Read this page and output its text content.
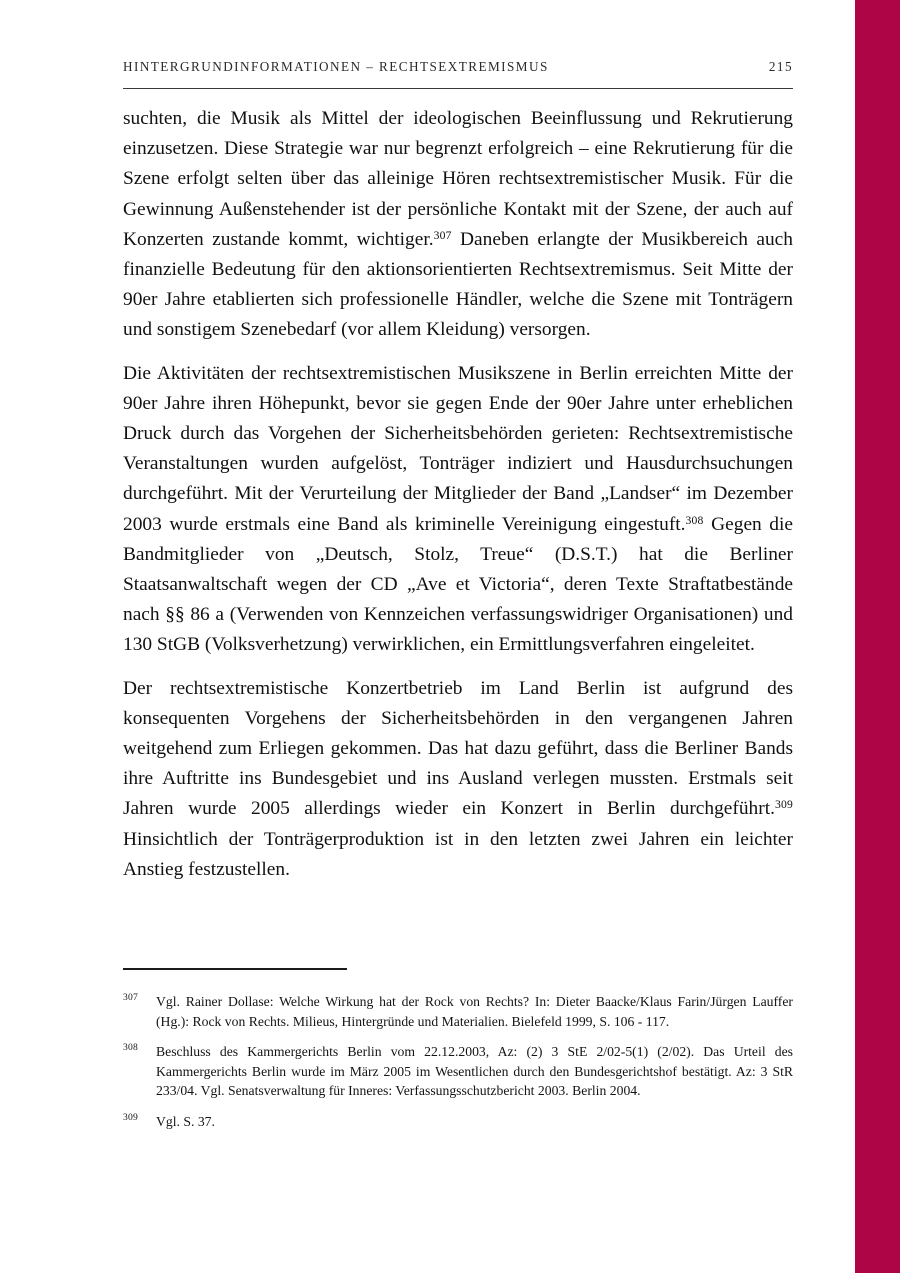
HINTERGRUNDINFORMATIONEN – RECHTSEXTREMISMUS	215

suchten, die Musik als Mittel der ideologischen Beeinflussung und Rekrutierung einzusetzen. Diese Strategie war nur begrenzt erfolgreich – eine Rekrutierung für die Szene erfolgt selten über das alleinige Hören rechtsextremistischer Musik. Für die Gewinnung Außenstehender ist der persönliche Kontakt mit der Szene, der auch auf Konzerten zustande kommt, wichtiger.$^{307}$ Daneben erlangte der Musikbereich auch finanzielle Bedeutung für den aktionsorientierten Rechtsextremismus. Seit Mitte der 90er Jahre etablierten sich professionelle Händler, welche die Szene mit Tonträgern und sonstigem Szenebedarf (vor allem Kleidung) versorgen.

Die Aktivitäten der rechtsextremistischen Musikszene in Berlin erreichten Mitte der 90er Jahre ihren Höhepunkt, bevor sie gegen Ende der 90er Jahre unter erheblichen Druck durch das Vorgehen der Sicherheitsbehörden gerieten: Rechtsextremistische Veranstaltungen wurden aufgelöst, Tonträger indiziert und Hausdurchsuchungen durchgeführt. Mit der Verurteilung der Mitglieder der Band „Landser“ im Dezember 2003 wurde erstmals eine Band als kriminelle Vereinigung eingestuft.$^{308}$ Gegen die Bandmitglieder von „Deutsch, Stolz, Treue“ (D.S.T.) hat die Berliner Staatsanwaltschaft wegen der CD „Ave et Victoria“, deren Texte Straftatbestände nach §§ 86 a (Verwenden von Kennzeichen verfassungswidriger Organisationen) und 130 StGB (Volksverhetzung) verwirklichen, ein Ermittlungsverfahren eingeleitet.

Der rechtsextremistische Konzertbetrieb im Land Berlin ist aufgrund des konsequenten Vorgehens der Sicherheitsbehörden in den vergangenen Jahren weitgehend zum Erliegen gekommen. Das hat dazu geführt, dass die Berliner Bands ihre Auftritte ins Bundesgebiet und ins Ausland verlegen mussten. Erstmals seit Jahren wurde 2005 allerdings wieder ein Konzert in Berlin durchgeführt.$^{309}$ Hinsichtlich der Tonträgerproduktion ist in den letzten zwei Jahren ein leichter Anstieg festzustellen.

307 Vgl. Rainer Dollase: Welche Wirkung hat der Rock von Rechts? In: Dieter Baacke/Klaus Farin/Jürgen Lauffer (Hg.): Rock von Rechts. Milieus, Hintergründe und Materialien. Bielefeld 1999, S. 106 - 117.
308 Beschluss des Kammergerichts Berlin vom 22.12.2003, Az: (2) 3 StE 2/02-5(1) (2/02). Das Urteil des Kammergerichts Berlin wurde im März 2005 im Wesentlichen durch den Bundesgerichtshof bestätigt. Az: 3 StR 233/04. Vgl. Senatsverwaltung für Inneres: Verfassungsschutzbericht 2003. Berlin 2004.
309 Vgl. S. 37.
